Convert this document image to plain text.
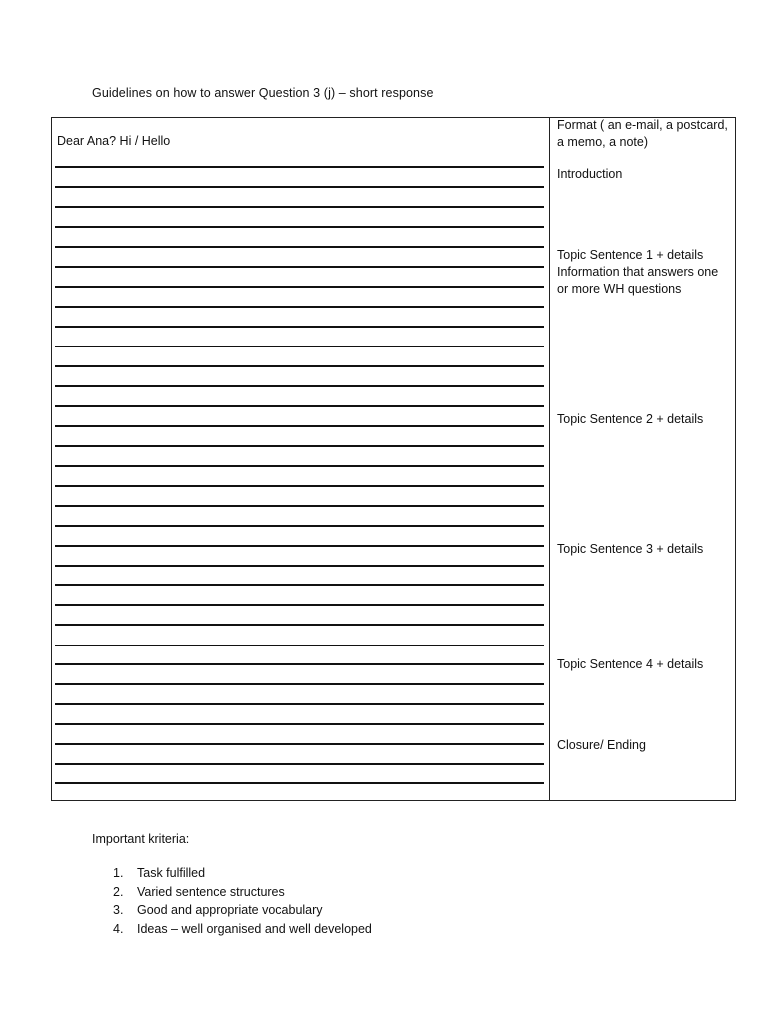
Guidelines on how to answer Question 3 (j) – short response
Dear Ana? Hi / Hello
Format ( an e-mail, a postcard, a memo, a note)
Introduction
Topic Sentence 1 + details
Information that answers one or more WH questions
Topic Sentence 2 + details
Topic Sentence 3 + details
Topic Sentence 4 + details
Closure/ Ending
Important kriteria:
1. Task fulfilled
2. Varied sentence structures
3. Good and appropriate vocabulary
4. Ideas – well organised and well developed
